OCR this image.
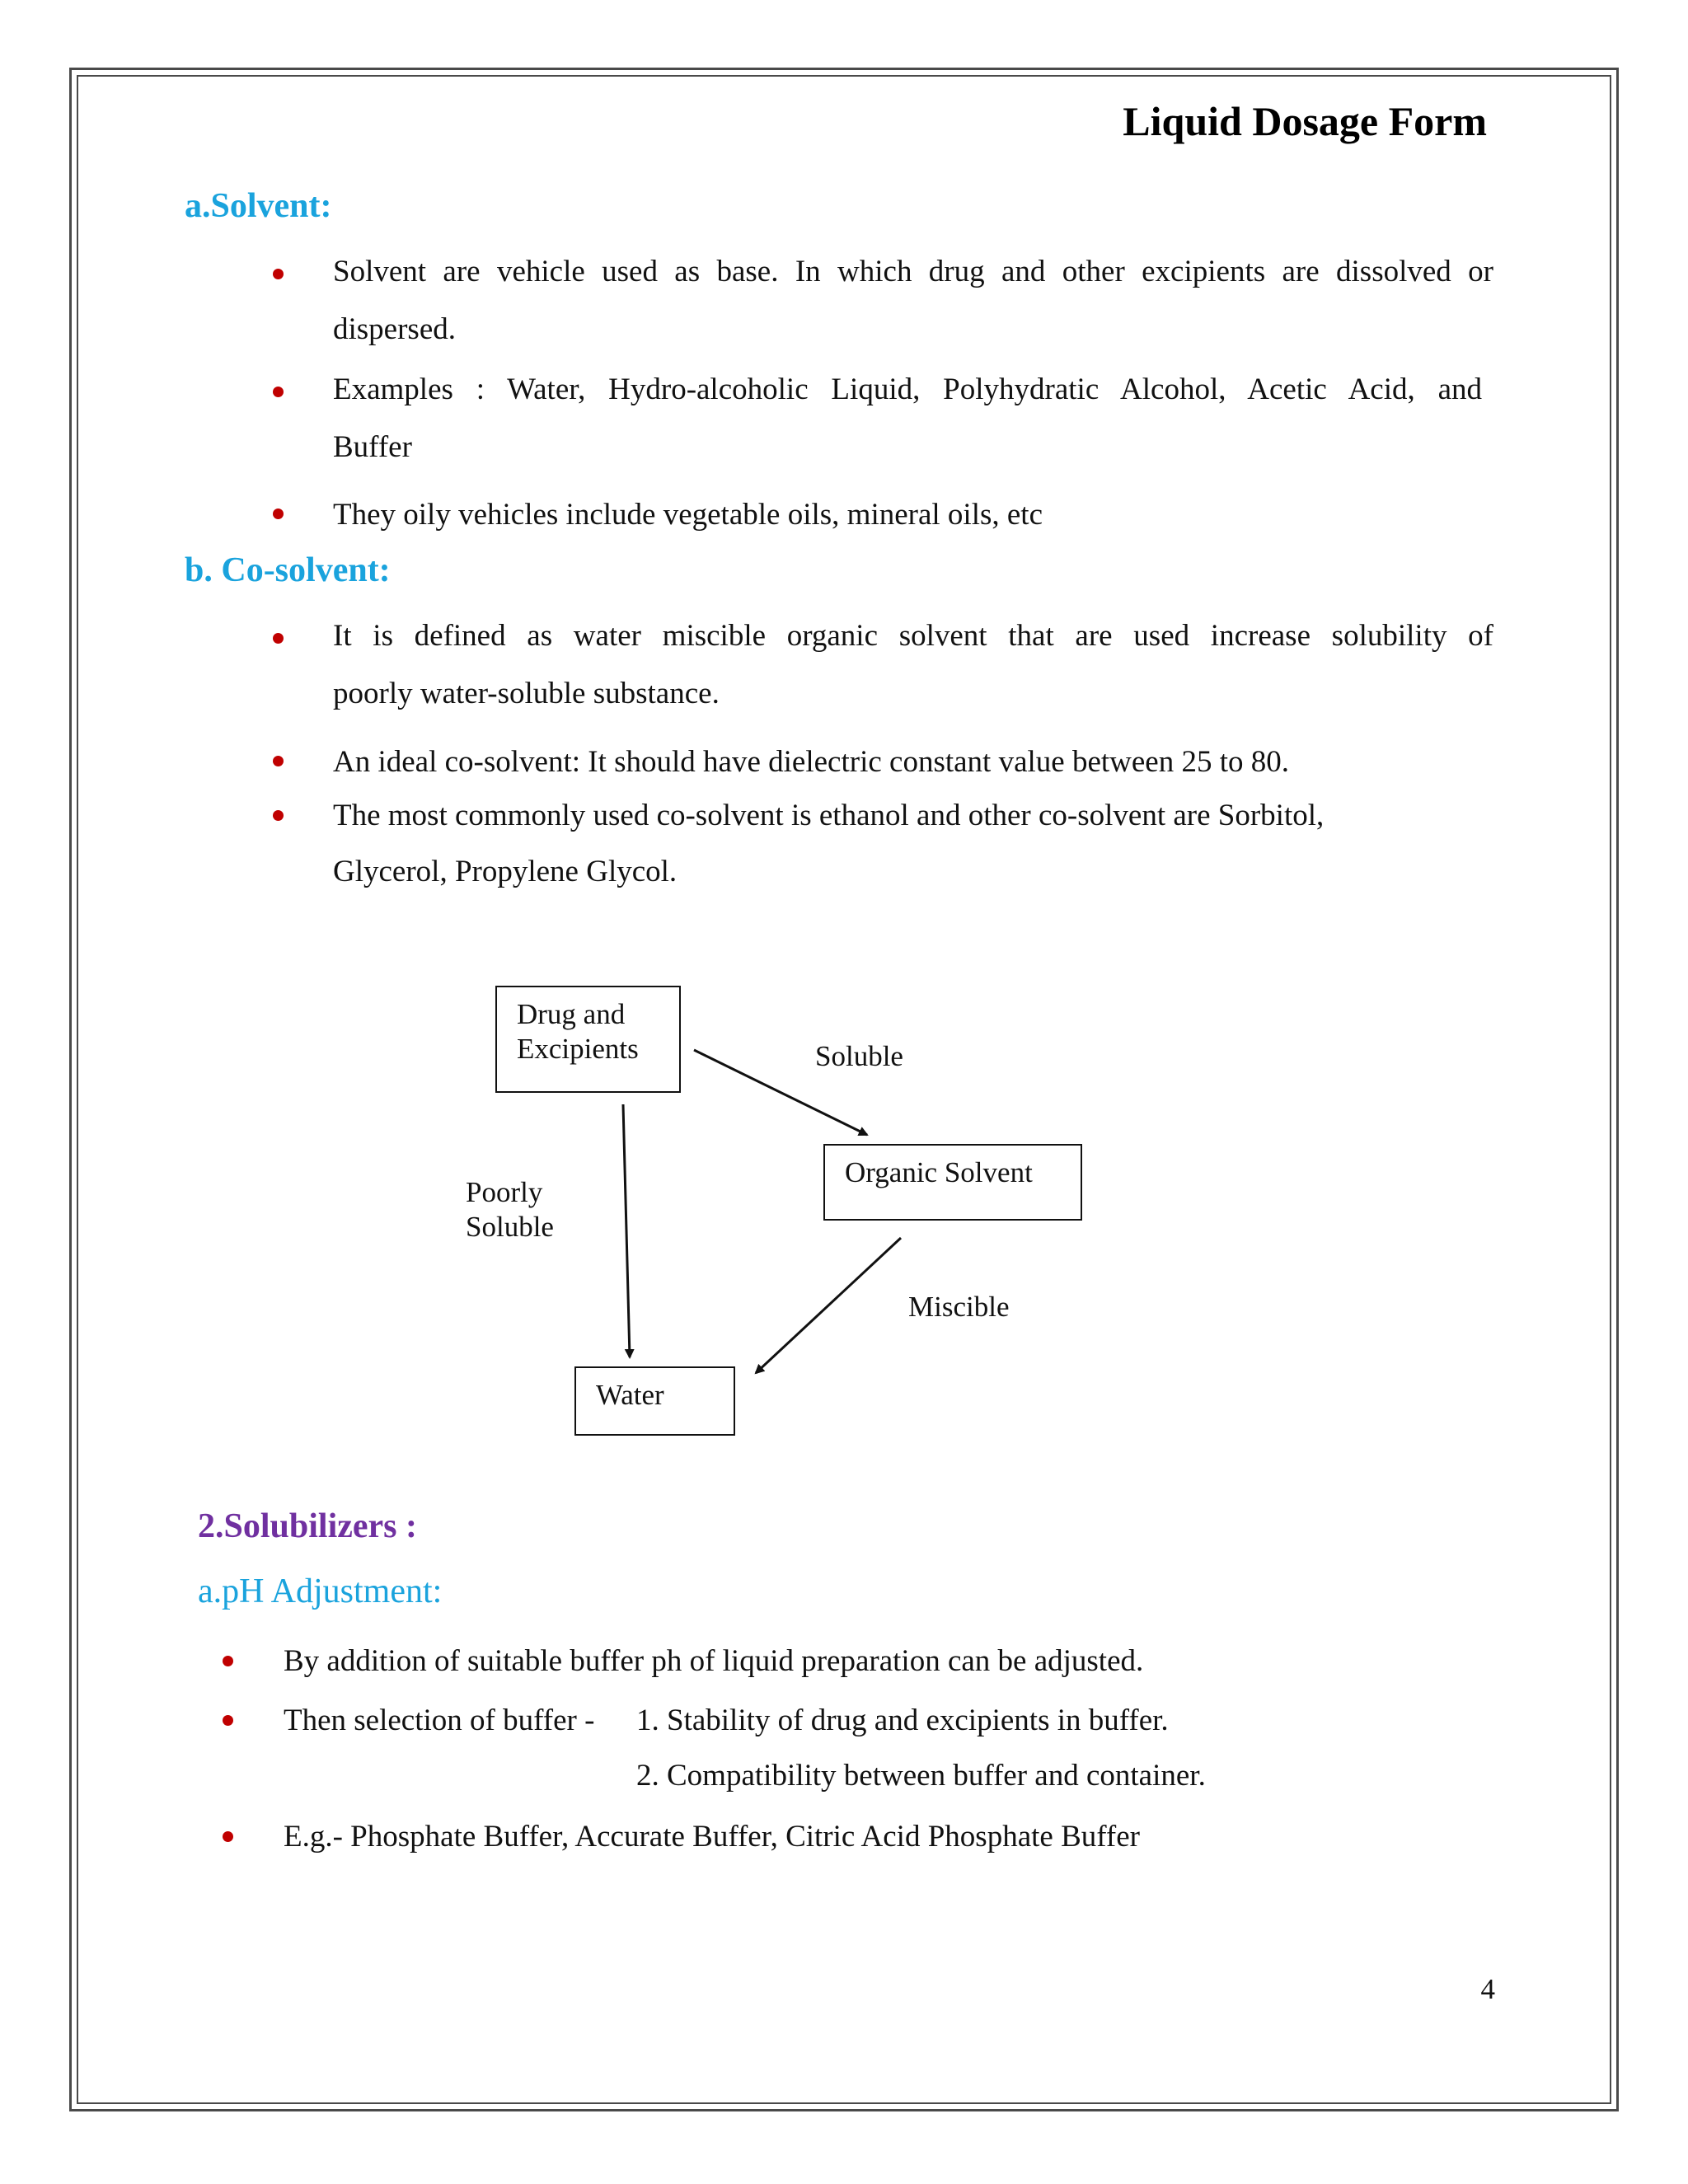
Liquid Dosage Form
a.Solvent:
Solvent are vehicle used as base. In which drug and other excipients are dissolved or
dispersed.
Examples : Water, Hydro-alcoholic Liquid, Polyhydratic Alcohol, Acetic Acid, and
Buffer
They oily vehicles include vegetable oils, mineral oils, etc
b. Co-solvent:
It is defined as water miscible organic solvent that are used increase solubility of
poorly water-soluble substance.
An ideal co-solvent: It should have dielectric constant value between 25 to 80.
The most commonly used co-solvent is ethanol and other co-solvent are Sorbitol,
Glycerol, Propylene Glycol.
Drug and
Excipients
Organic Solvent
Water
Soluble
Poorly
Soluble
Miscible
2.Solubilizers :
a.pH Adjustment:
By addition of suitable buffer ph of liquid preparation can be adjusted.
Then selection of buffer - 1. Stability of drug and excipients in buffer.
2. Compatibility between buffer and container.
E.g.- Phosphate Buffer, Accurate Buffer, Citric Acid Phosphate Buffer
4
